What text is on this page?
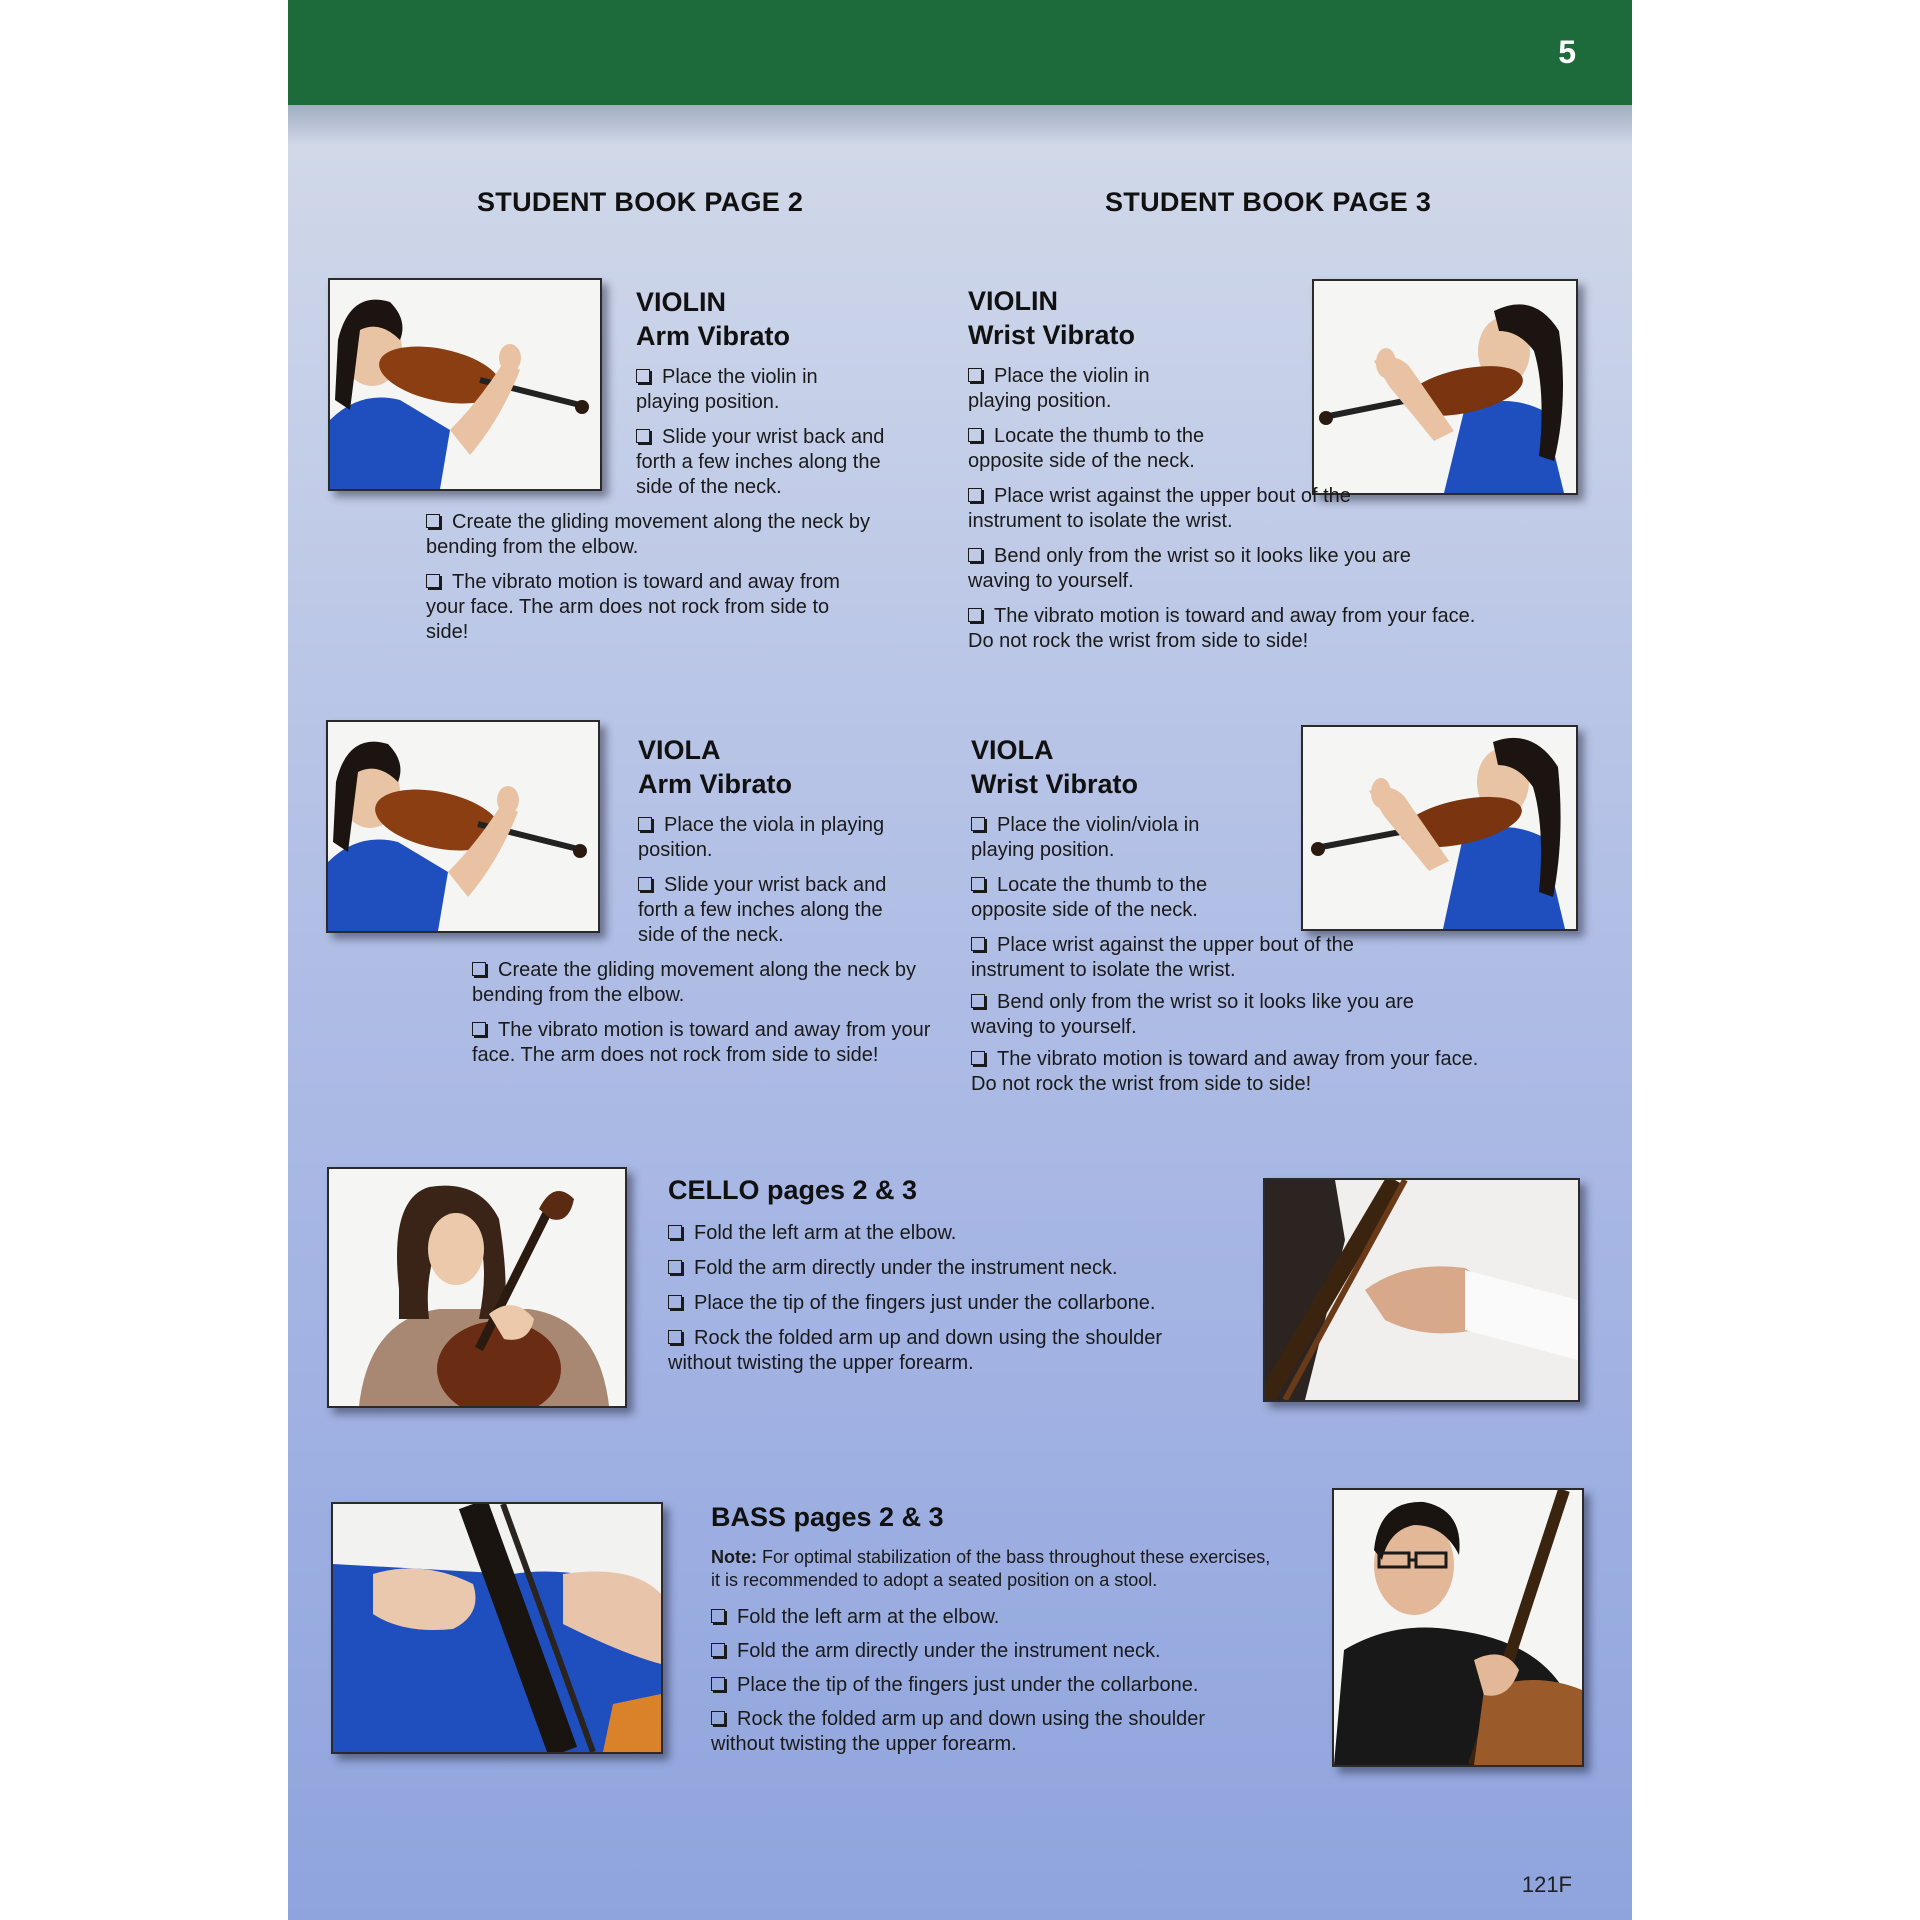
5
STUDENT BOOK PAGE 2	STUDENT BOOK PAGE 3
VIOLIN
Arm Vibrato
Place the violin in playing position.
Slide your wrist back and forth a few inches along the side of the neck.
Create the gliding movement along the neck by bending from the elbow.
The vibrato motion is toward and away from your face. The arm does not rock from side to side!
VIOLIN
Wrist Vibrato
Place the violin in playing position.
Locate the thumb to the opposite side of the neck.
Place wrist against the upper bout of the instrument to isolate the wrist.
Bend only from the wrist so it looks like you are waving to yourself.
The vibrato motion is toward and away from your face. Do not rock the wrist from side to side!
VIOLA
Arm Vibrato
Place the viola in playing position.
Slide your wrist back and forth a few inches along the side of the neck.
Create the gliding movement along the neck by bending from the elbow.
The vibrato motion is toward and away from your face. The arm does not rock from side to side!
VIOLA
Wrist Vibrato
Place the violin/viola in playing position.
Locate the thumb to the opposite side of the neck.
Place wrist against the upper bout of the instrument to isolate the wrist.
Bend only from the wrist so it looks like you are waving to yourself.
The vibrato motion is toward and away from your face. Do not rock the wrist from side to side!
CELLO pages 2 & 3
Fold the left arm at the elbow.
Fold the arm directly under the instrument neck.
Place the tip of the fingers just under the collarbone.
Rock the folded arm up and down using the shoulder without twisting the upper forearm.
BASS pages 2 & 3
Note: For optimal stabilization of the bass throughout these exercises, it is recommended to adopt a seated position on a stool.
Fold the left arm at the elbow.
Fold the arm directly under the instrument neck.
Place the tip of the fingers just under the collarbone.
Rock the folded arm up and down using the shoulder without twisting the upper forearm.
121F
